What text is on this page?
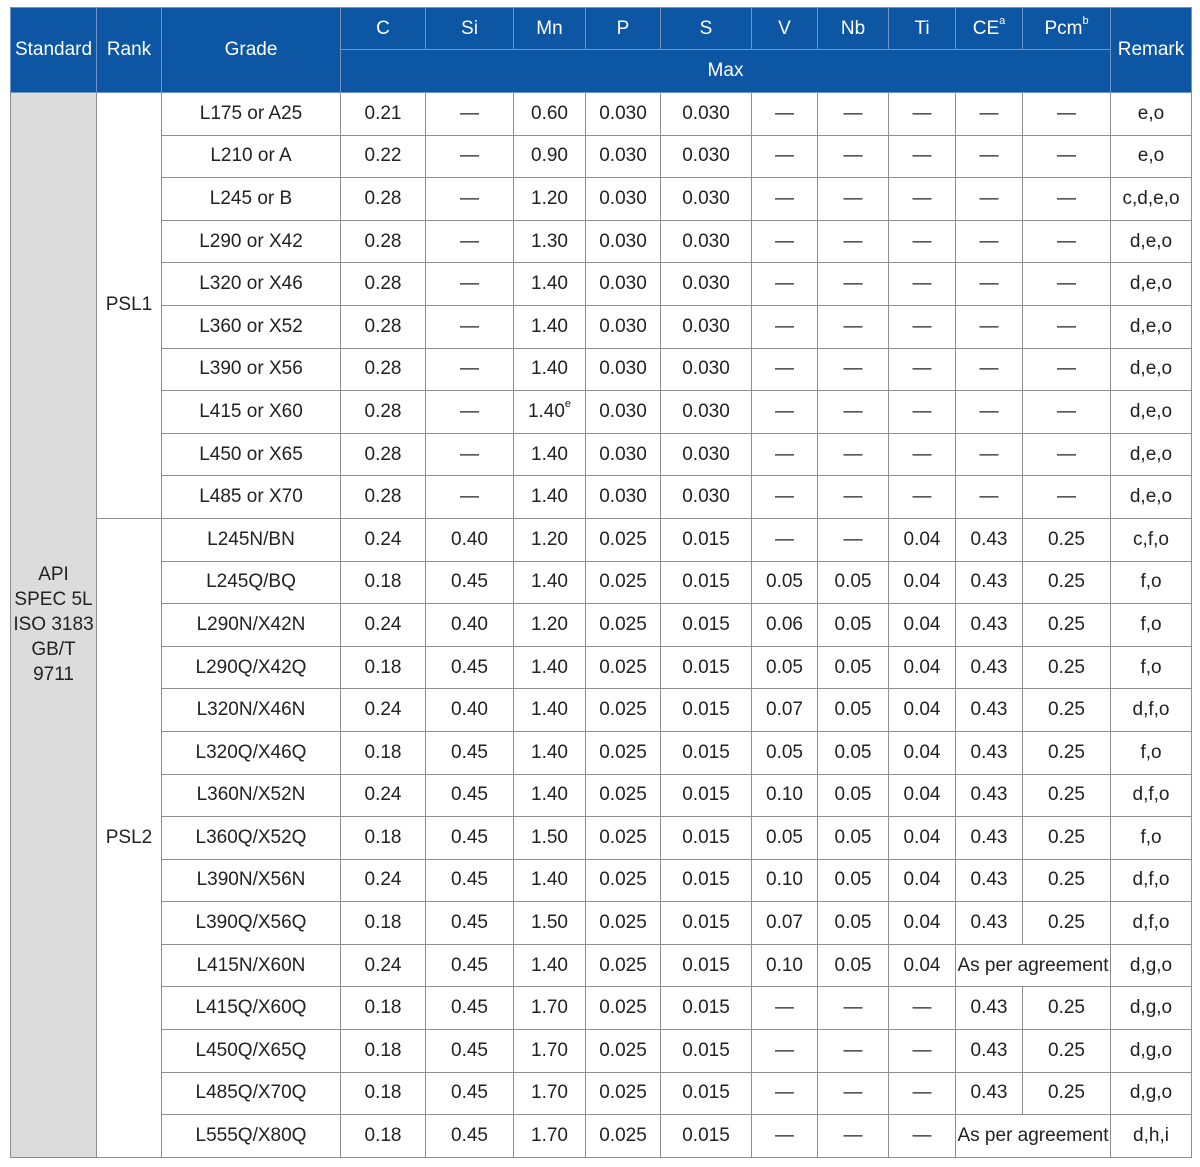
Standard	Rank	Grade	C	Si	Mn	P	S	V	Nb	Ti	$CE^a$	Pcm$^b$	Remark
			Max										

API
SPEC 5L
ISO 3183
GB/T
9711	PSL1	L175 or A25	0.21	—	0.60	0.030	0.030	—	—	—	—	—	e,o
		L210 or A	0.22	—	0.90	0.030	0.030	—	—	—	—	—	e,o
		L245 or B	0.28	—	1.20	0.030	0.030	—	—	—	—	—	c,d,e,o
		L290 or X42	0.28	—	1.30	0.030	0.030	—	—	—	—	—	d,e,o
		L320 or X46	0.28	—	1.40	0.030	0.030	—	—	—	—	—	d,e,o
		L360 or X52	0.28	—	1.40	0.030	0.030	—	—	—	—	—	d,e,o
		L390 or X56	0.28	—	1.40	0.030	0.030	—	—	—	—	—	d,e,o
		L415 or X60	0.28	—	1.40e	0.030	0.030	—	—	—	—	—	d,e,o
		L450 or X65	0.28	—	1.40	0.030	0.030	—	—	—	—	—	d,e,o
		L485 or X70	0.28	—	1.40	0.030	0.030	—	—	—	—	—	d,e,o
	PSL2	L245N/BN	0.24	0.40	1.20	0.025	0.015	—	—	0.04	0.43	0.25	c,f,o
		L245Q/BQ	0.18	0.45	1.40	0.025	0.015	0.05	0.05	0.04	0.43	0.25	f,o
		L290N/X42N	0.24	0.40	1.20	0.025	0.015	0.06	0.05	0.04	0.43	0.25	f,o
		L290Q/X42Q	0.18	0.45	1.40	0.025	0.015	0.05	0.05	0.04	0.43	0.25	f,o
		L320N/X46N	0.24	0.40	1.40	0.025	0.015	0.07	0.05	0.04	0.43	0.25	d,f,o
		L320Q/X46Q	0.18	0.45	1.40	0.025	0.015	0.05	0.05	0.04	0.43	0.25	f,o
		L360N/X52N	0.24	0.45	1.40	0.025	0.015	0.10	0.05	0.04	0.43	0.25	d,f,o
		L360Q/X52Q	0.18	0.45	1.50	0.025	0.015	0.05	0.05	0.04	0.43	0.25	f,o
		L390N/X56N	0.24	0.45	1.40	0.025	0.015	0.10	0.05	0.04	0.43	0.25	d,f,o
		L390Q/X56Q	0.18	0.45	1.50	0.025	0.015	0.07	0.05	0.04	0.43	0.25	d,f,o
		L415N/X60N	0.24	0.45	1.40	0.025	0.015	0.10	0.05	0.04	As per agreement		d,g,o
		L415Q/X60Q	0.18	0.45	1.70	0.025	0.015	—	—	—	0.43	0.25	d,g,o
		L450Q/X65Q	0.18	0.45	1.70	0.025	0.015	—	—	—	0.43	0.25	d,g,o
		L485Q/X70Q	0.18	0.45	1.70	0.025	0.015	—	—	—	0.43	0.25	d,g,o
		L555Q/X80Q	0.18	0.45	1.70	0.025	0.015	—	—	—	As per agreement		d,h,i
